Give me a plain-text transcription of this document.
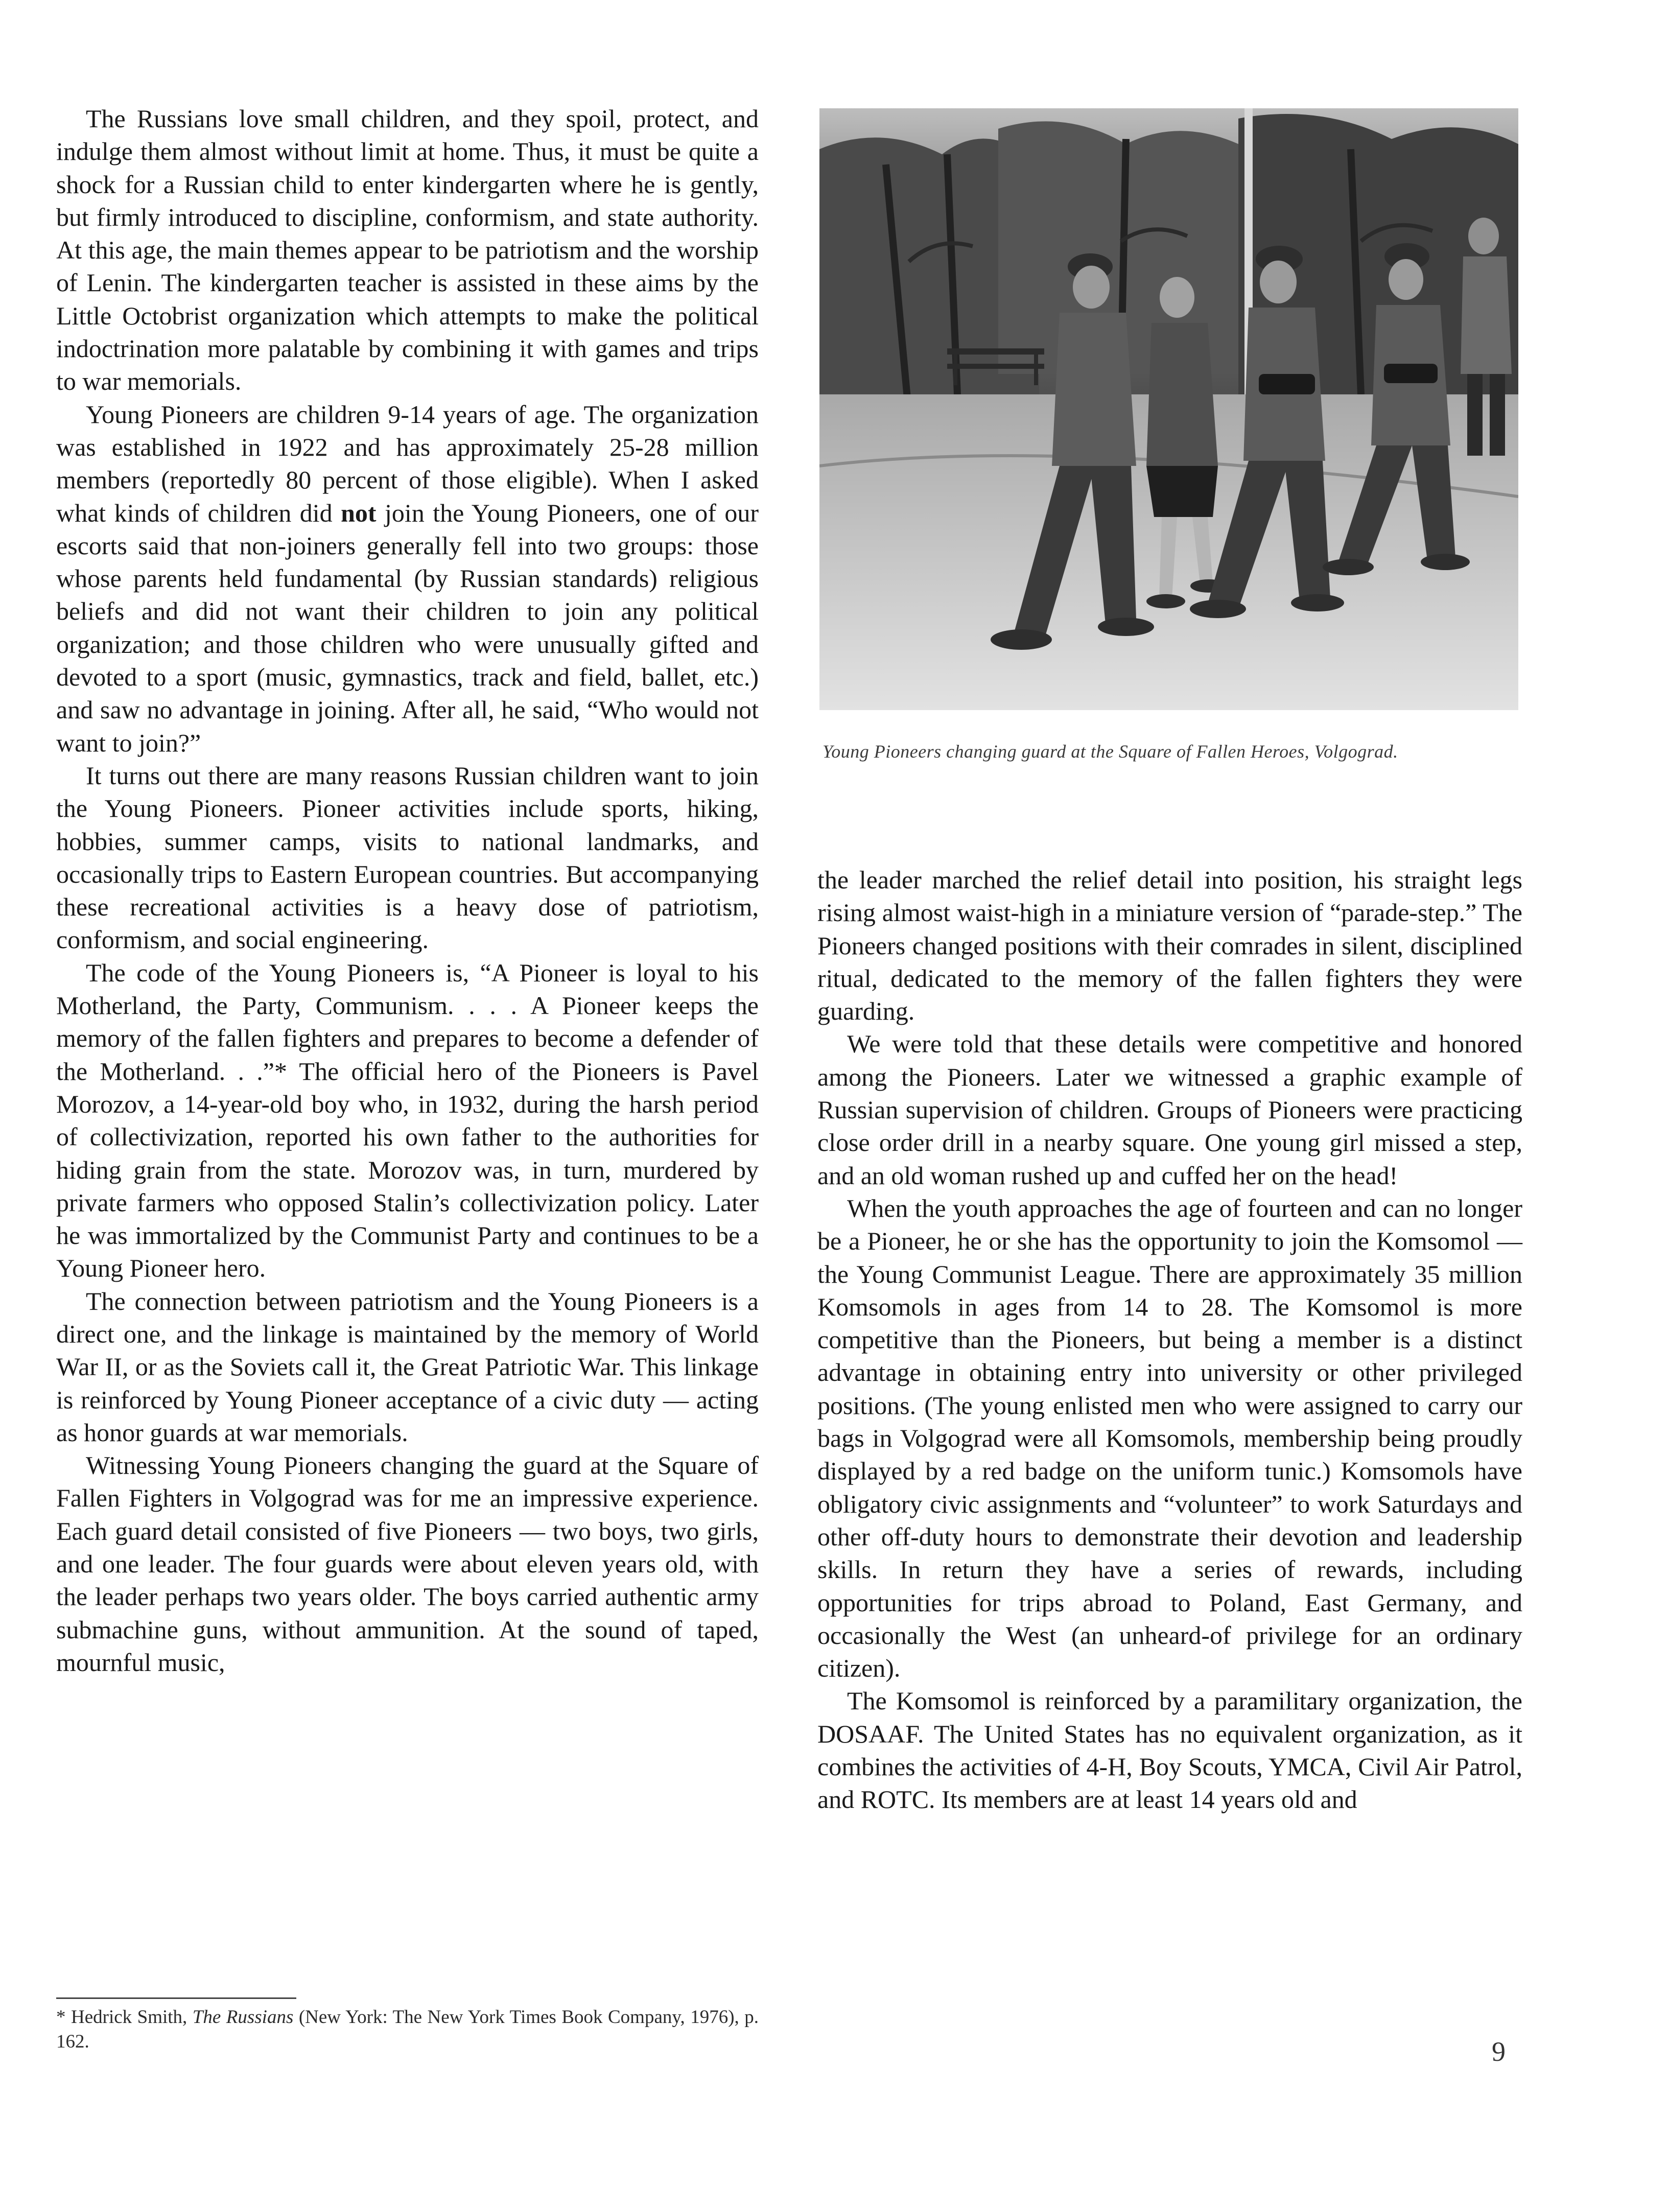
The Russians love small children, and they spoil, protect, and indulge them almost without limit at home. Thus, it must be quite a shock for a Russian child to enter kindergarten where he is gently, but firmly introduced to discipline, conformism, and state authority. At this age, the main themes appear to be patriotism and the worship of Lenin. The kindergarten teacher is assisted in these aims by the Little Octobrist organization which attempts to make the political indoctrination more palatable by combining it with games and trips to war memorials.

Young Pioneers are children 9-14 years of age. The organization was established in 1922 and has approximately 25-28 million members (reportedly 80 percent of those eligible). When I asked what kinds of children did not join the Young Pioneers, one of our escorts said that non-joiners generally fell into two groups: those whose parents held fundamental (by Russian standards) religious beliefs and did not want their children to join any political organization; and those children who were unusually gifted and devoted to a sport (music, gymnastics, track and field, ballet, etc.) and saw no advantage in joining. After all, he said, “Who would not want to join?”

It turns out there are many reasons Russian children want to join the Young Pioneers. Pioneer activities include sports, hiking, hobbies, summer camps, visits to national landmarks, and occasionally trips to Eastern European countries. But accompanying these recreational activities is a heavy dose of patriotism, conformism, and social engineering.

The code of the Young Pioneers is, “A Pioneer is loyal to his Motherland, the Party, Communism. . . . A Pioneer keeps the memory of the fallen fighters and prepares to become a defender of the Motherland. . .”* The official hero of the Pioneers is Pavel Morozov, a 14-year-old boy who, in 1932, during the harsh period of collectivization, reported his own father to the authorities for hiding grain from the state. Morozov was, in turn, murdered by private farmers who opposed Stalin’s collectivization policy. Later he was immortalized by the Communist Party and continues to be a Young Pioneer hero.

The connection between patriotism and the Young Pioneers is a direct one, and the linkage is maintained by the memory of World War II, or as the Soviets call it, the Great Patriotic War. This linkage is reinforced by Young Pioneer acceptance of a civic duty — acting as honor guards at war memorials.

Witnessing Young Pioneers changing the guard at the Square of Fallen Fighters in Volgograd was for me an impressive experience. Each guard detail consisted of five Pioneers — two boys, two girls, and one leader. The four guards were about eleven years old, with the leader perhaps two years older. The boys carried authentic army submachine guns, without ammunition. At the sound of taped, mournful music,

Young Pioneers changing guard at the Square of Fallen Heroes, Volgograd.

the leader marched the relief detail into position, his straight legs rising almost waist-high in a miniature version of “parade-step.” The Pioneers changed positions with their comrades in silent, disciplined ritual, dedicated to the memory of the fallen fighters they were guarding.

We were told that these details were competitive and honored among the Pioneers. Later we witnessed a graphic example of Russian supervision of children. Groups of Pioneers were practicing close order drill in a nearby square. One young girl missed a step, and an old woman rushed up and cuffed her on the head!

When the youth approaches the age of fourteen and can no longer be a Pioneer, he or she has the opportunity to join the Komsomol — the Young Communist League. There are approximately 35 million Komsomols in ages from 14 to 28. The Komsomol is more competitive than the Pioneers, but being a member is a distinct advantage in obtaining entry into university or other privileged positions. (The young enlisted men who were assigned to carry our bags in Volgograd were all Komsomols, membership being proudly displayed by a red badge on the uniform tunic.) Komsomols have obligatory civic assignments and “volunteer” to work Saturdays and other off-duty hours to demonstrate their devotion and leadership skills. In return they have a series of rewards, including opportunities for trips abroad to Poland, East Germany, and occasionally the West (an unheard-of privilege for an ordinary citizen).

The Komsomol is reinforced by a paramilitary organization, the DOSAAF. The United States has no equivalent organization, as it combines the activities of 4-H, Boy Scouts, YMCA, Civil Air Patrol, and ROTC. Its members are at least 14 years old and

* Hedrick Smith, The Russians (New York: The New York Times Book Company, 1976), p. 162.	9
